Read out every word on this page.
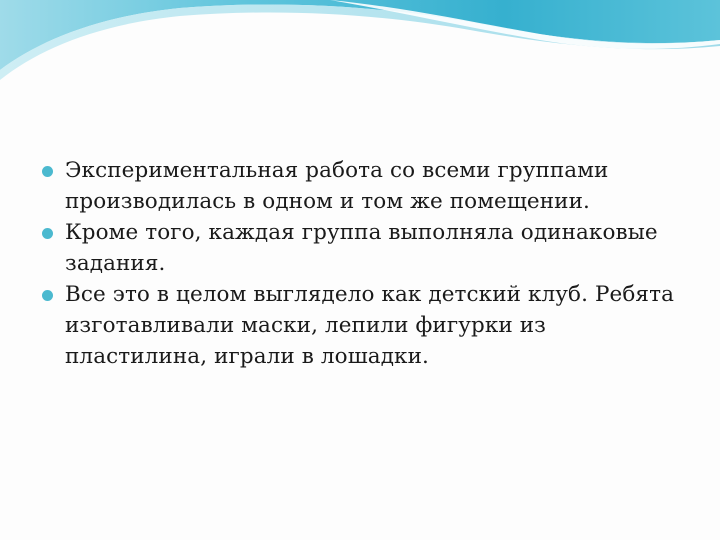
Экспериментальная работа со всеми группами производилась в одном и том же помещении.
Кроме того, каждая группа выполняла одинаковые задания.
Все это в целом выглядело как детский клуб. Ребята изготавливали маски, лепили фигурки из пластилина, играли в лошадки.
